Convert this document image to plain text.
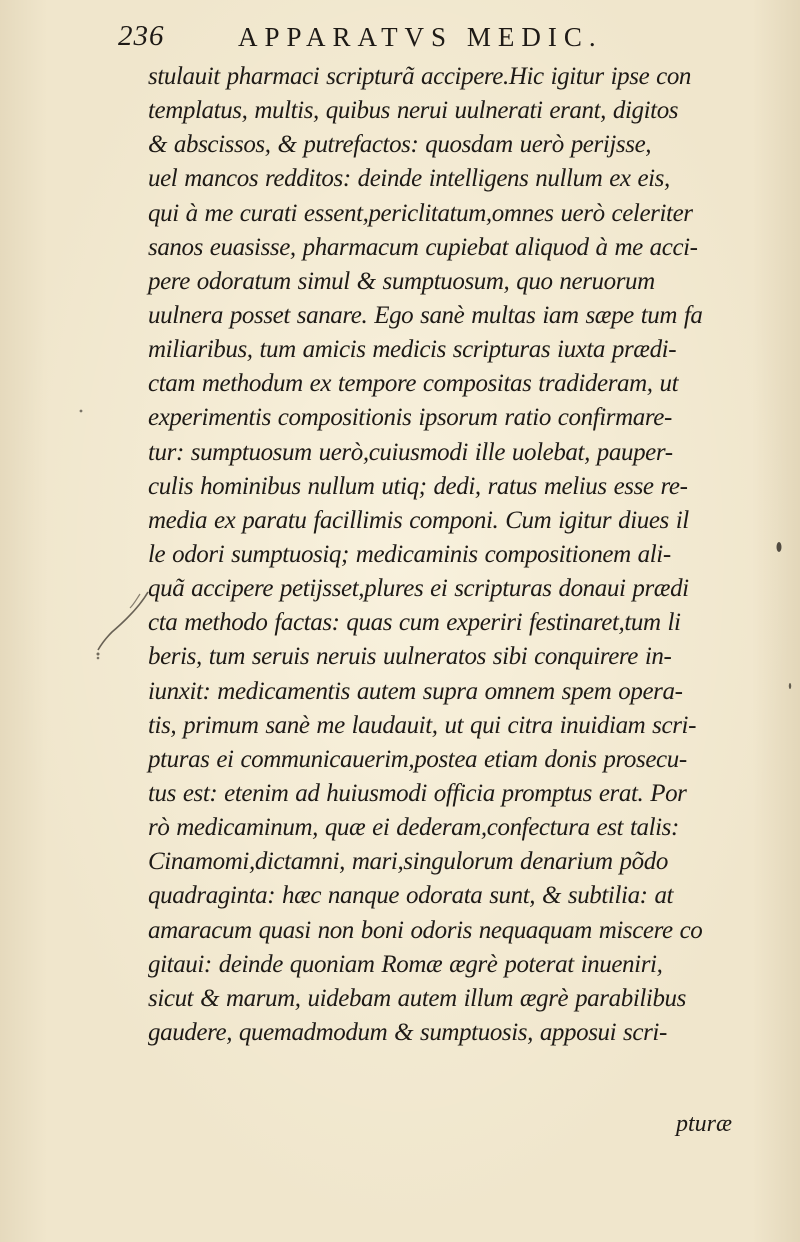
236	APPARATVS MEDIC.
stulauit pharmaci scripturã accipere.Hic igitur ipse con
templatus, multis, quibus nerui uulnerati erant, digitos
& abscissos, & putrefactos: quosdam uerò perijsse,
uel mancos redditos: deinde intelligens nullum ex eis,
qui à me curati essent,periclitatum,omnes uerò celeriter
sanos euasisse, pharmacum cupiebat aliquod à me acci-
pere odoratum simul & sumptuosum, quo neruorum
uulnera posset sanare. Ego sanè multas iam sæpe tum fa
miliaribus, tum amicis medicis scripturas iuxta prædi-
ctam methodum ex tempore compositas tradideram, ut
experimentis compositionis ipsorum ratio confirmare-
tur: sumptuosum uerò,cuiusmodi ille uolebat, pauper-
culis hominibus nullum utiq; dedi, ratus melius esse re-
media ex paratu facillimis componi. Cum igitur diues il
le odori sumptuosiq; medicaminis compositionem ali-
quã accipere petijsset,plures ei scripturas donaui prædi
cta methodo factas: quas cum experiri festinaret,tum li
beris, tum seruis neruis uulneratos sibi conquirere in-
iunxit: medicamentis autem supra omnem spem opera-
tis, primum sanè me laudauit, ut qui citra inuidiam scri-
pturas ei communicauerim,postea etiam donis prosecu-
tus est: etenim ad huiusmodi officia promptus erat. Por
rò medicaminum, quæ ei dederam,confectura est talis:
Cinamomi,dictamni, mari,singulorum denarium põdo
quadraginta: hæc nanque odorata sunt, & subtilia: at
amaracum quasi non boni odoris nequaquam miscere co
gitaui: deinde quoniam Romæ ægrè poterat inueniri,
sicut & marum, uidebam autem illum ægrè parabilibus
gaudere, quemadmodum & sumptuosis, apposui scri-
pturæ
